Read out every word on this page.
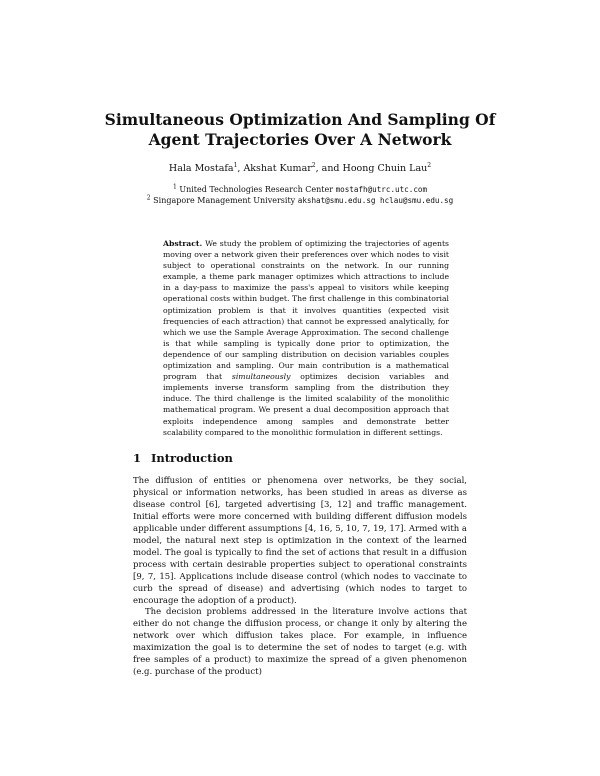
Simultaneous Optimization And Sampling Of
Agent Trajectories Over A Network
Hala Mostafa$^1$, Akshat Kumar$^2$, and Hoong Chuin Lau$^2$
$^1$ United Technologies Research Center mostafh@utrc.utc.com
$^2$ Singapore Management University akshat@smu.edu.sg hclau@smu.edu.sg
Abstract. We study the problem of optimizing the trajectories of agents moving over a network given their preferences over which nodes to visit subject to operational constraints on the network. In our running example, a theme park manager optimizes which attractions to include in a day-pass to maximize the pass's appeal to visitors while keeping operational costs within budget. The first challenge in this combinatorial optimization problem is that it involves quantities (expected visit frequencies of each attraction) that cannot be expressed analytically, for which we use the Sample Average Approximation. The second challenge is that while sampling is typically done prior to optimization, the dependence of our sampling distribution on decision variables couples optimization and sampling. Our main contribution is a mathematical program that simultaneously optimizes decision variables and implements inverse transform sampling from the distribution they induce. The third challenge is the limited scalability of the monolithic mathematical program. We present a dual decomposition approach that exploits independence among samples and demonstrate better scalability compared to the monolithic formulation in different settings.
1 Introduction

The diffusion of entities or phenomena over networks, be they social, physical or information networks, has been studied in areas as diverse as disease control [6], targeted advertising [3, 12] and traffic management. Initial efforts were more concerned with building different diffusion models applicable under different assumptions [4, 16, 5, 10, 7, 19, 17]. Armed with a model, the natural next step is optimization in the context of the learned model. The goal is typically to find the set of actions that result in a diffusion process with certain desirable properties subject to operational constraints [9, 7, 15]. Applications include disease control (which nodes to vaccinate to curb the spread of disease) and advertising (which nodes to target to encourage the adoption of a product).

The decision problems addressed in the literature involve actions that either do not change the diffusion process, or change it only by altering the network over which diffusion takes place. For example, in influence maximization the goal is to determine the set of nodes to target (e.g. with free samples of a product) to maximize the spread of a given phenomenon (e.g. purchase of the product)
